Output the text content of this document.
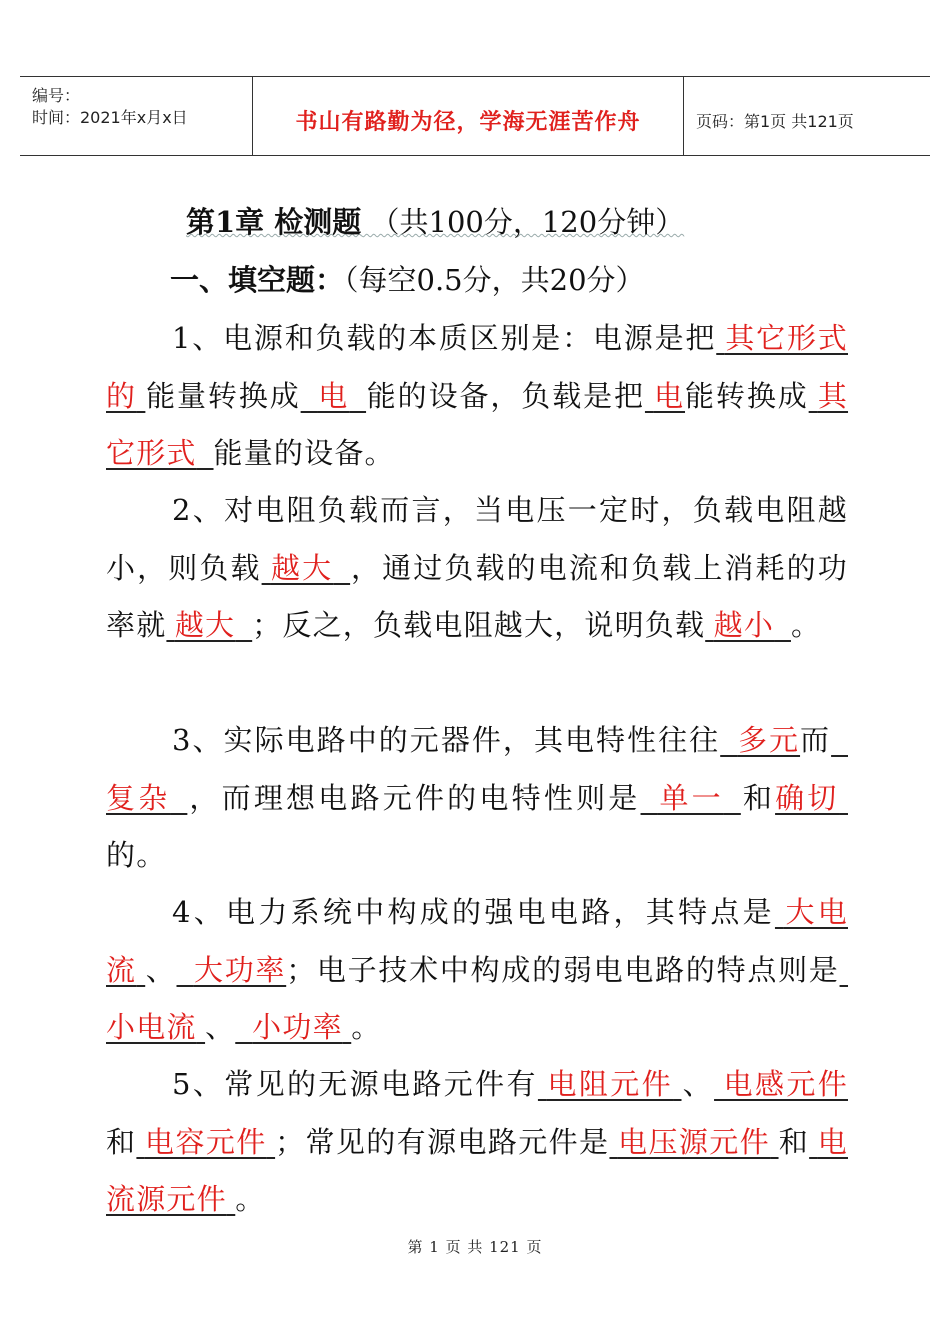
编号：
时间：2021年x月x日	书山有路勤为径，学海无涯苦作舟	页码：第1页 共121页
第1章 检测题 （共100分，120分钟）
一、填空题：（每空0.5分，共20分）
1、电源和负载的本质区别是：电源是把  其它形式的  能量转换成   电   能的设备，负载是把  电能转换成  其它形式   能量的设备。
2、对电阻负载而言，当电压一定时，负载电阻越小，则负载  越大   ，通过负载的电流和负载上消耗的功率就  越大   ；反之，负载电阻越大，说明负载  越小   。
3、实际电路中的元器件，其电特性往往   多元而  复杂   ，而理想电路元件的电特性则是   单一   和确切 的。
4、电力系统中构成的强电电路，其特点是  大电流  、   大功率；电子技术中构成的弱电电路的特点则是 小电流  、   小功率  。
5、常见的无源电路元件有  电阻元件  、  电感元件和  电容元件  ；常见的有源电路元件是  电压源元件  和  电流源元件  。
第 1 页 共 121 页
